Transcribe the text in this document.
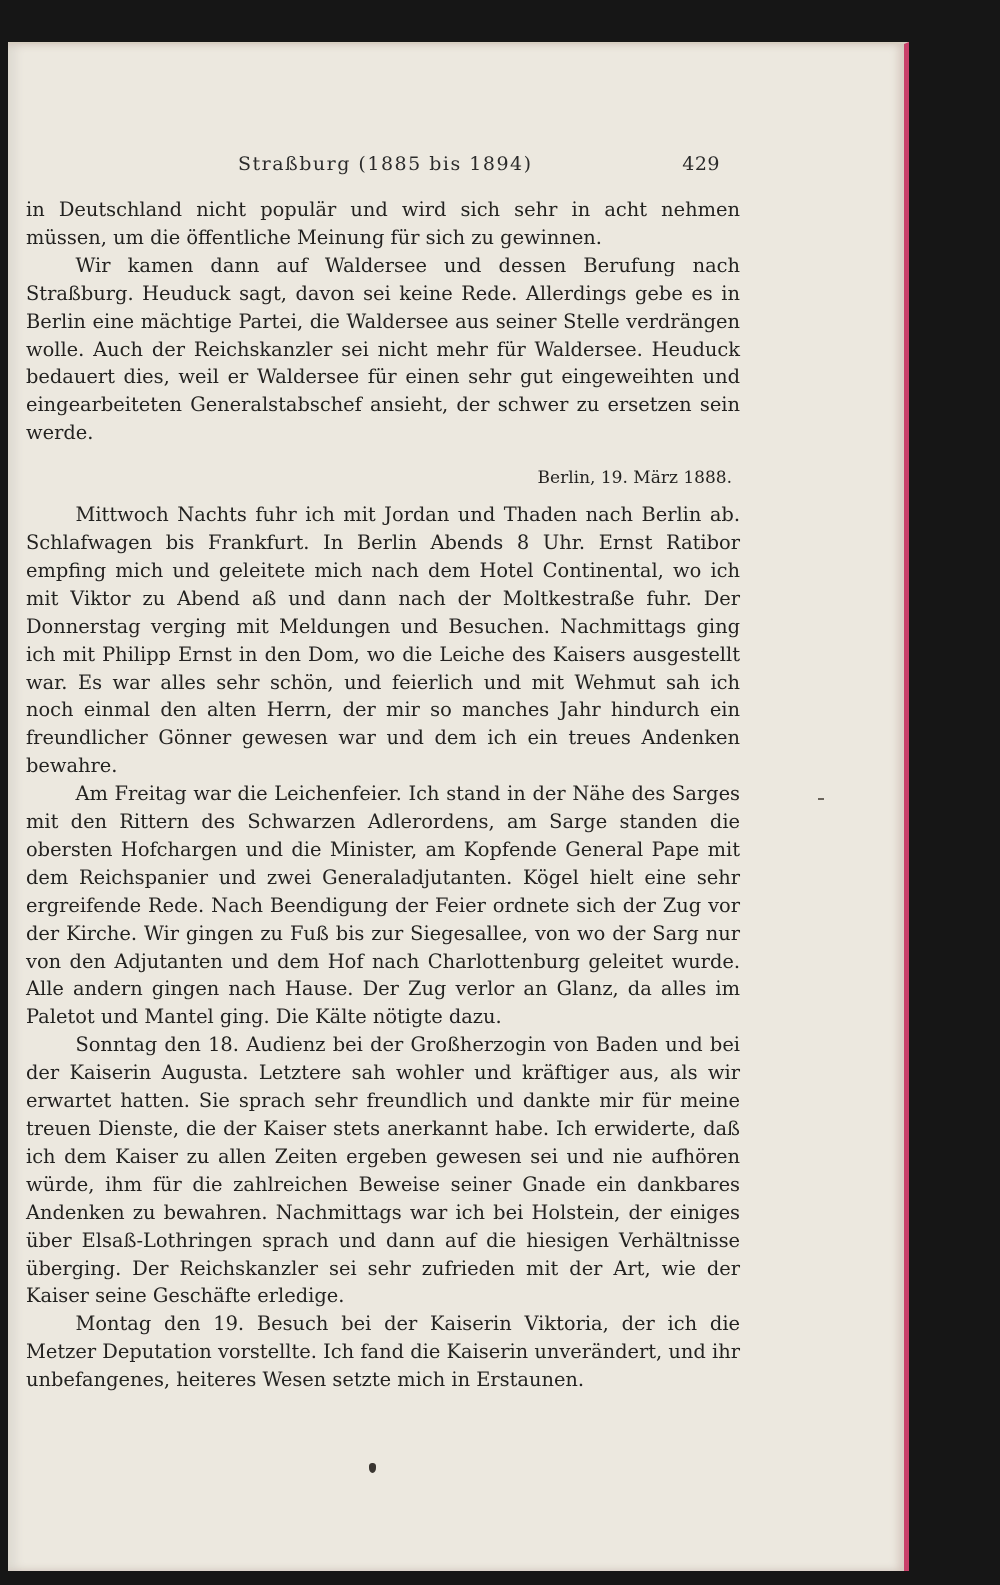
Straßburg (1885 bis 1894)	429

in Deutschland nicht populär und wird sich sehr in acht nehmen müssen, um die öffentliche Meinung für sich zu gewinnen.

Wir kamen dann auf Waldersee und dessen Berufung nach Straßburg. Heuduck sagt, davon sei keine Rede. Allerdings gebe es in Berlin eine mächtige Partei, die Waldersee aus seiner Stelle verdrängen wolle. Auch der Reichskanzler sei nicht mehr für Waldersee. Heuduck bedauert dies, weil er Waldersee für einen sehr gut eingeweihten und eingearbeiteten Generalstabschef ansieht, der schwer zu ersetzen sein werde.

Berlin, 19. März 1888.

Mittwoch Nachts fuhr ich mit Jordan und Thaden nach Berlin ab. Schlafwagen bis Frankfurt. In Berlin Abends 8 Uhr. Ernst Ratibor empfing mich und geleitete mich nach dem Hotel Continental, wo ich mit Viktor zu Abend aß und dann nach der Moltkestraße fuhr. Der Donnerstag verging mit Meldungen und Besuchen. Nachmittags ging ich mit Philipp Ernst in den Dom, wo die Leiche des Kaisers ausgestellt war. Es war alles sehr schön, und feierlich und mit Wehmut sah ich noch einmal den alten Herrn, der mir so manches Jahr hindurch ein freundlicher Gönner gewesen war und dem ich ein treues Andenken bewahre.

Am Freitag war die Leichenfeier. Ich stand in der Nähe des Sarges mit den Rittern des Schwarzen Adlerordens, am Sarge standen die obersten Hofchargen und die Minister, am Kopfende General Pape mit dem Reichspanier und zwei Generaladjutanten. Kögel hielt eine sehr ergreifende Rede. Nach Beendigung der Feier ordnete sich der Zug vor der Kirche. Wir gingen zu Fuß bis zur Siegesallee, von wo der Sarg nur von den Adjutanten und dem Hof nach Charlottenburg geleitet wurde. Alle andern gingen nach Hause. Der Zug verlor an Glanz, da alles im Paletot und Mantel ging. Die Kälte nötigte dazu.

Sonntag den 18. Audienz bei der Großherzogin von Baden und bei der Kaiserin Augusta. Letztere sah wohler und kräftiger aus, als wir erwartet hatten. Sie sprach sehr freundlich und dankte mir für meine treuen Dienste, die der Kaiser stets anerkannt habe. Ich erwiderte, daß ich dem Kaiser zu allen Zeiten ergeben gewesen sei und nie aufhören würde, ihm für die zahlreichen Beweise seiner Gnade ein dankbares Andenken zu bewahren. Nachmittags war ich bei Holstein, der einiges über Elsaß-Lothringen sprach und dann auf die hiesigen Verhältnisse überging. Der Reichskanzler sei sehr zufrieden mit der Art, wie der Kaiser seine Geschäfte erledige.

Montag den 19. Besuch bei der Kaiserin Viktoria, der ich die Metzer Deputation vorstellte. Ich fand die Kaiserin unverändert, und ihr unbefangenes, heiteres Wesen setzte mich in Erstaunen.
